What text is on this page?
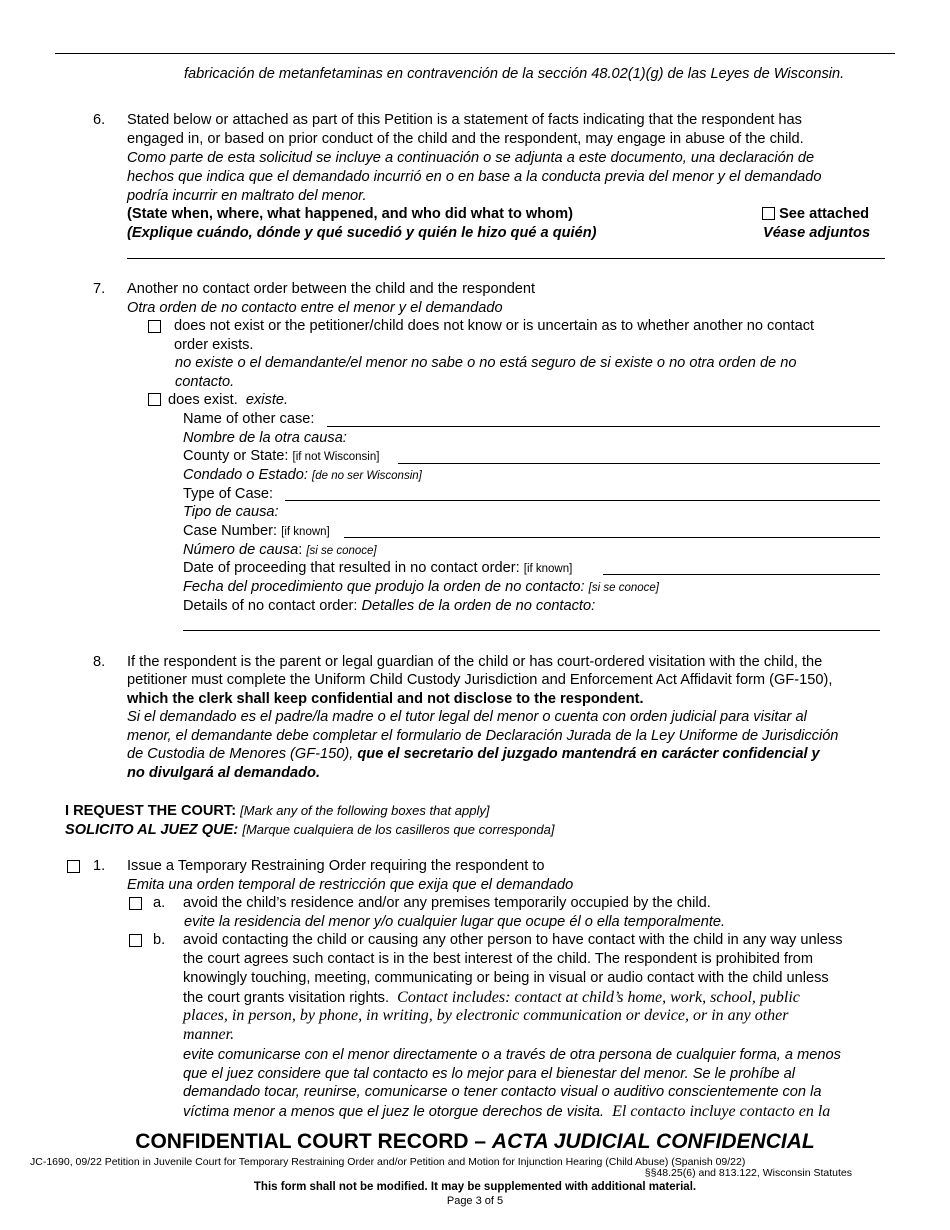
fabricación de metanfetaminas en contravención de la sección 48.02(1)(g) de las Leyes de Wisconsin.
6. Stated below or attached as part of this Petition is a statement of facts indicating that the respondent has
engaged in, or based on prior conduct of the child and the respondent, may engage in abuse of the child.
Como parte de esta solicitud se incluye a continuación o se adjunta a este documento, una declaración de
hechos que indica que el demandado incurrió en o en base a la conducta previa del menor y el demandado
podría incurrir en maltrato del menor.
(State when, where, what happened, and who did what to whom)
(Explique cuándo, dónde y qué sucedió y quién le hizo qué a quién)
See attached
Véase adjuntos
7. Another no contact order between the child and the respondent
Otra orden de no contacto entre el menor y el demandado
does not exist or the petitioner/child does not know or is uncertain as to whether another no contact
order exists.
no existe o el demandante/el menor no sabe o no está seguro de si existe o no otra orden de no
contacto.
does exist. existe.
Name of other case:
Nombre de la otra causa:
County or State: [if not Wisconsin]
Condado o Estado: [de no ser Wisconsin]
Type of Case:
Tipo de causa:
Case Number: [if known]
Número de causa: [si se conoce]
Date of proceeding that resulted in no contact order: [if known]
Fecha del procedimiento que produjo la orden de no contacto: [si se conoce]
Details of no contact order: Detalles de la orden de no contacto:
8. If the respondent is the parent or legal guardian of the child or has court-ordered visitation with the child, the
petitioner must complete the Uniform Child Custody Jurisdiction and Enforcement Act Affidavit form (GF-150),
which the clerk shall keep confidential and not disclose to the respondent.
Si el demandado es el padre/la madre o el tutor legal del menor o cuenta con orden judicial para visitar al
menor, el demandante debe completar el formulario de Declaración Jurada de la Ley Uniforme de Jurisdicción
de Custodia de Menores (GF-150), que el secretario del juzgado mantendrá en carácter confidencial y
no divulgará al demandado.
I REQUEST THE COURT: [Mark any of the following boxes that apply]
SOLICITO AL JUEZ QUE: [Marque cualquiera de los casilleros que corresponda]
1. Issue a Temporary Restraining Order requiring the respondent to
Emita una orden temporal de restricción que exija que el demandado
a. avoid the child’s residence and/or any premises temporarily occupied by the child.
evite la residencia del menor y/o cualquier lugar que ocupe él o ella temporalmente.
b. avoid contacting the child or causing any other person to have contact with the child in any way unless
the court agrees such contact is in the best interest of the child. The respondent is prohibited from
knowingly touching, meeting, communicating or being in visual or audio contact with the child unless
the court grants visitation rights. Contact includes: contact at child’s home, work, school, public
places, in person, by phone, in writing, by electronic communication or device, or in any other
manner.
evite comunicarse con el menor directamente o a través de otra persona de cualquier forma, a menos
que el juez considere que tal contacto es lo mejor para el bienestar del menor. Se le prohíbe al
demandado tocar, reunirse, comunicarse o tener contacto visual o auditivo conscientemente con la
víctima menor a menos que el juez le otorgue derechos de visita. El contacto incluye contacto en la
CONFIDENTIAL COURT RECORD – ACTA JUDICIAL CONFIDENCIAL
JC-1690, 09/22 Petition in Juvenile Court for Temporary Restraining Order and/or Petition and Motion for Injunction Hearing (Child Abuse) (Spanish 09/22)
§§48.25(6) and 813.122, Wisconsin Statutes
This form shall not be modified. It may be supplemented with additional material.
Page 3 of 5
